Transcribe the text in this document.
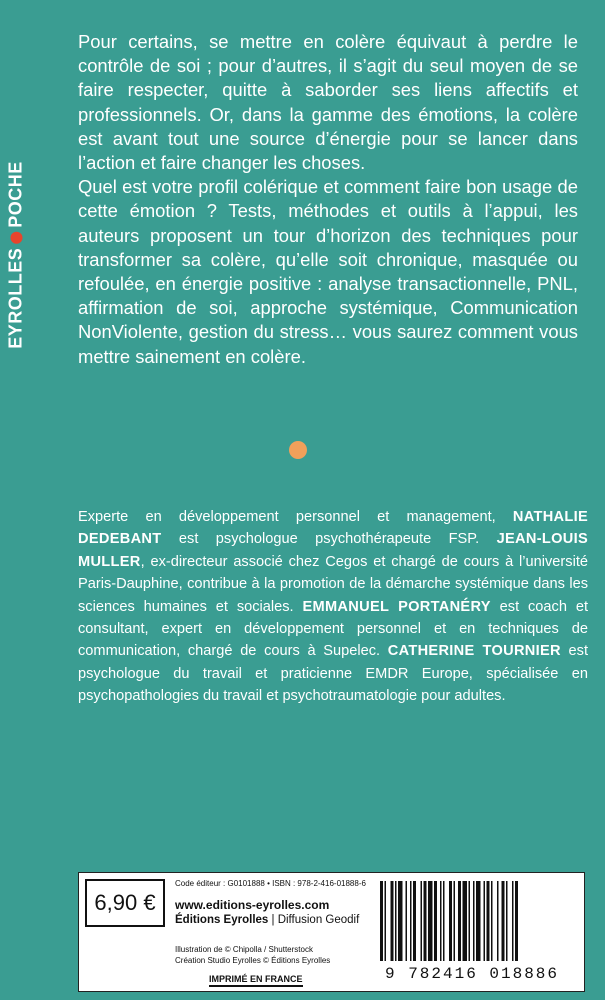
EYROLLES
POCHE

Pour certains, se mettre en colère équivaut à perdre le contrôle de soi ; pour d’autres, il s’agit du seul moyen de se faire respecter, quitte à saborder ses liens affectifs et professionnels. Or, dans la gamme des émotions, la colère est avant tout une source d’énergie pour se lancer dans l’action et faire changer les choses.

Quel est votre profil colérique et comment faire bon usage de cette émotion ? Tests, méthodes et outils à l’appui, les auteurs proposent un tour d’horizon des techniques pour transformer sa colère, qu’elle soit chronique, masquée ou refoulée, en énergie positive : analyse transactionnelle, PNL, affirmation de soi, approche systémique, Communication NonViolente, gestion du stress… vous saurez comment vous mettre sainement en colère.

Experte en développement personnel et management, NATHALIE DEDEBANT est psychologue psychothérapeute FSP. JEAN-LOUIS MULLER, ex-directeur associé chez Cegos et chargé de cours à l’université Paris-Dauphine, contribue à la promotion de la démarche systémique dans les sciences humaines et sociales. EMMANUEL PORTANÉRY est coach et consultant, expert en développement personnel et en techniques de communication, chargé de cours à Supelec. CATHERINE TOURNIER est psychologue du travail et praticienne EMDR Europe, spécialisée en psychopathologies du travail et psychotraumatologie pour adultes.
6,90 €
Code éditeur : G0101888 • ISBN : 978-2-416-01888-6
www.editions-eyrolles.com
Éditions Eyrolles | Diffusion Geodif
Illustration de © Chipolla / Shutterstock
Création Studio Eyrolles © Éditions Eyrolles
IMPRIMÉ EN FRANCE	9 782416 018886
